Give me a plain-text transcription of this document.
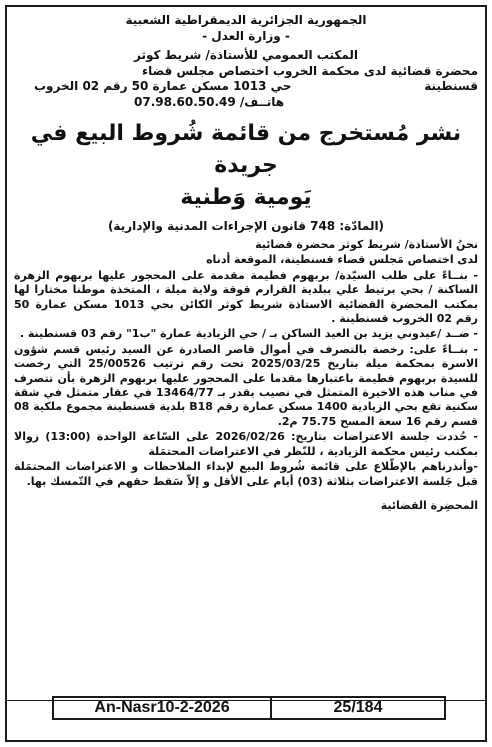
الجمهورية الجزائرية الديمقراطية الشعبية
- وزارة العدل -
المكتب العمومي للأستاذة/ شريط كوثر
محضرة قضائية لدى محكمة الخروب اختصاص مجلس قضاء
قسنطينة
حي 1013 مسكن عمارة 50 رقم 02 الخروب
هاتــف/ 07.98.60.50.49
نشر مُستخرج من قائمة شُروط البيع في جريدة
يَومية وَطنية
(المادّة: 748 قانون الإجراءات المدنية والإدارية)
نحنُ الأستاذة/ شريط كوثر محضرة قضائية
لدى اختصاص مَجلس قضاء قسنطينة، الموقعة أدناه
- بنــاءً على طلب السيّدة/ بربهوم فطيمة مقدمة على المحجور عليها بربهوم الزهرة الساكنة / بحي برتيط علي ببلدية القرارم قوقة ولاية ميلة ، المتخذة موطنا مختارا لها بمكتب المحضرة القضائية الاستاذة شريط كوثر الكائن بحي 1013 مسكن عمارة 50 رقم 02 الخروب قسنطينة .
- ضــد /عيدوني يزيد بن العيد الساكن بـ / حي الزيادية عمارة "ب1" رقم 03 قسنطينة .
- بنــاءً على: رخصة بالتصرف في أموال قاصر الصادرة عن السيد رئيس قسم شؤون الاسرة بمحكمة ميلة بتاريخ 2025/03/25 تحت رقم ترتيب 25/00526 التي رخصت للسيدة بربهوم فطيمة باعتبارها مقدما على المحجور عليها بربهوم الزهرة بأن تتصرف في مناب هذه الاخيرة المتمثل في نصيب يقدر بـ 13464/77 في عقار متمثل في شقة سكنية تقع بحي الزيادية 1400 مسكن عمارة رقم B18 بلدية قسنطينة مجموع ملكية 08 قسم رقم 16 سعة المسح 75.75 م2.
- حُددت جلسة الاعتراضات بتاريخ: 2026/02/26 على السّاعة الواحدة (13:00) زوالا بمكتب رئيس محكمة الزيادية ، للنّظر في الاعتراضات المحتمَلة
-وأنذرناهم بالإطّلاع على قائمة شُروط البيع لإبداء الملاحظات و الاعتراضات المحتمَلة قبل جَلسة الاعتراضات بثلاثة (03) أيام على الأقل و إلاّ سَقط حقهم في التّمسك بها.
المحضِرة القضائية
An-Nasr10-2-2026	25/184
